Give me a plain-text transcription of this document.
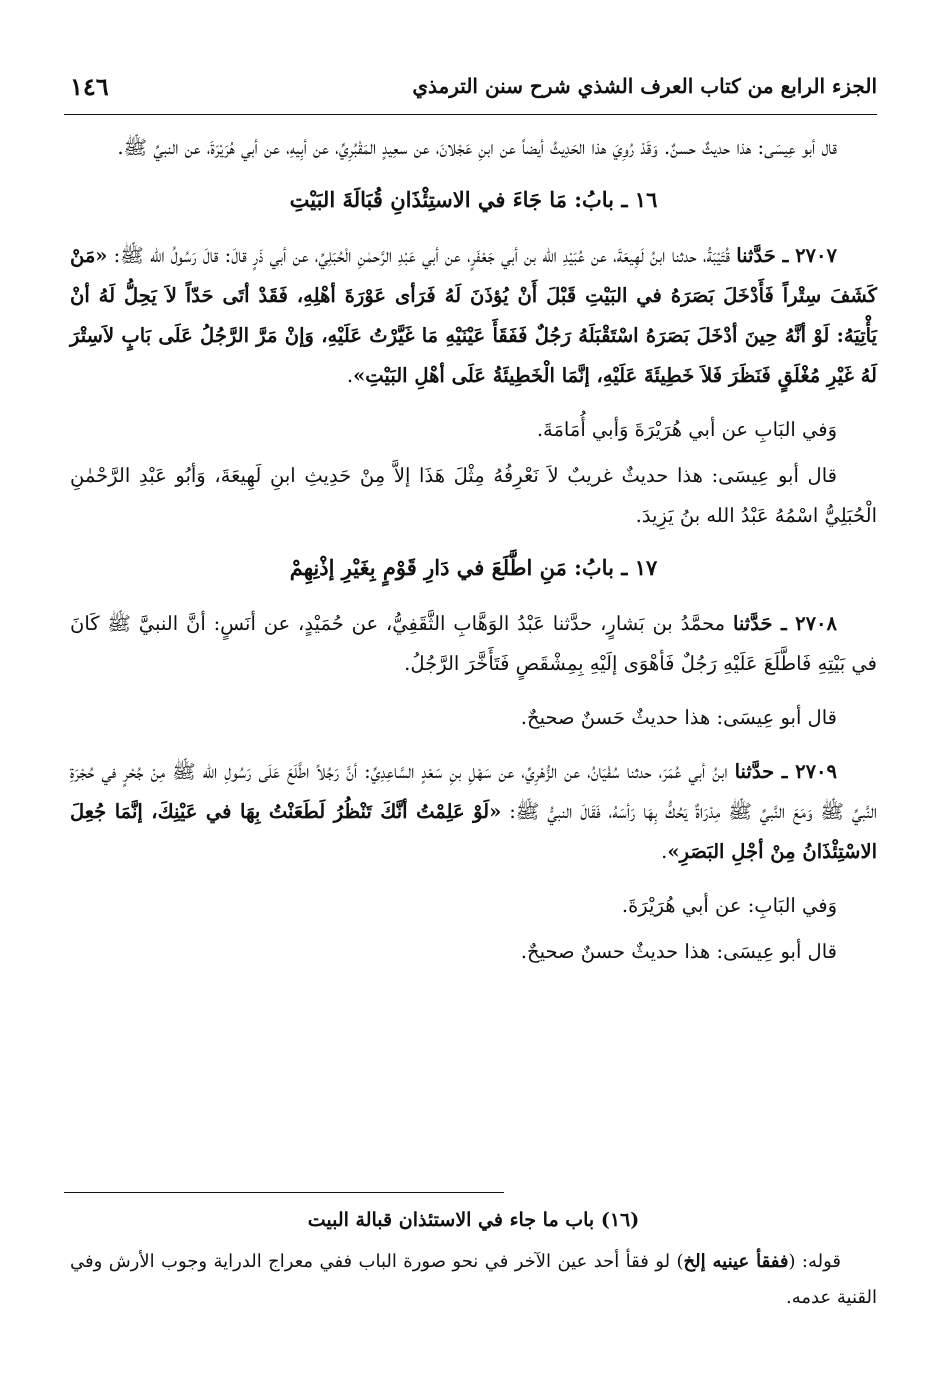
الجزء الرابع من كتاب العرف الشذي شرح سنن الترمذي
١٤٦

قال أبو عِيسَى: هذا حديثٌ حسنٌ. وَقَدْ رُوِيَ هذا الحَدِيثُ أيضاً عن ابنِ عَجْلانَ، عن سعِيدٍ المَقْبُرِيِّ، عن أبِيهِ، عن أبي هُرَيْرَةَ، عن النبيِّ ﷺ.

١٦ ـ بابُ: مَا جَاءَ في الاستِئْذَانِ قُبَالَةَ البَيْتِ

٢٧٠٧ ـ حَدَّثنا قُتَيْبَةُ، حدثنا ابنُ لَهِيعَةَ، عن عُبَيْدِ الله بن أبي جَعْفَرٍ، عن أبي عَبْدِ الرَّحمٰنِ الْحُبَلِيِّ، عن أبي ذَرٍ قالَ: قالَ رَسُولُ الله ﷺ: «مَنْ كَشَفَ سِتْراً فَأَدْخَلَ بَصَرَهُ في البَيْتِ قَبْلَ أَنْ يُؤذَنَ لَهُ فَرَأى عَوْرَةَ أهْلِهِ، فَقَدْ أتَى حَدّاً لاَ يَحِلُّ لَهُ أنْ يَأْتِيَهُ: لَوْ أنَّهُ حِينَ أدْخَلَ بَصَرَهُ اسْتَقْبَلَهُ رَجُلٌ فَفَقَأَ عَيْنَيْهِ مَا غَيَّرْتُ عَلَيْهِ، وَإنْ مَرَّ الرَّجُلُ عَلَى بَابٍ لاَسِتْرَ لَهُ غَيْرِ مُغْلَقٍ فَنَظَرَ فَلاَ خَطِيئَةَ عَلَيْهِ، إنَّمَا الْخَطِيئَةُ عَلَى أهْلِ البَيْتِ».

وَفي البَابِ عن أبي هُرَيْرَةَ وَأبي أُمَامَةَ.

قال أبو عِيسَى: هذا حديثٌ غريبٌ لاَ نَعْرِفُهُ مِثْلَ هَذَا إلاَّ مِنْ حَدِيثِ ابنِ لَهِيعَةَ، وَأبُو عَبْدِ الرَّحْمٰنِ الْحُبَلِيُّ اسْمُهُ عَبْدُ الله بنُ يَزِيدَ.

١٧ ـ بابُ: مَنِ اطَّلَعَ في دَارِ قَوْمٍ بِغَيْرِ إذْنِهِمْ

٢٧٠٨ ـ حَدَّثنا محمَّدُ بن بَشارٍ، حدَّثنا عَبْدُ الوَهَّابِ الثَّقَفِيُّ، عن حُمَيْدٍ، عن أنَسٍ: أنَّ النبيَّ ﷺ كَانَ في بَيْتِهِ فَاطَّلَعَ عَلَيْهِ رَجُلٌ فَأهْوَى إلَيْهِ بِمِشْقَصٍ فَتَأَخَّرَ الرَّجُلُ.

قال أبو عِيسَى: هذا حديثٌ حَسنٌ صحيحٌ.

٢٧٠٩ ـ حدَّثنا ابنُ أبي عُمَرَ، حدثنا سُفْيَانُ، عن الزُّهْرِيِّ، عن سَهْلِ بنِ سَعْدٍ السَّاعِدِيِّ: أنَّ رَجُلاً اطَّلَعَ عَلَى رَسُولِ الله ﷺ مِنْ جُحْرٍ في حُجْرَةِ النَّبيِّ ﷺ وَمَعَ النَّبيِّ ﷺ مِدْرَاةٌ يَحُكُّ بِهَا رَأسَهُ، فَقَالَ النبيُّ ﷺ: «لَوْ عَلِمْتُ أنَّكَ تَنْظُرُ لَطَعَنْتُ بِهَا في عَيْنِكَ، إنَّمَا جُعِلَ الاسْتِئْذَانُ مِنْ أجْلِ البَصَرِ».

وَفي البَابِ: عن أبي هُرَيْرَةَ.

قال أبو عِيسَى: هذا حديثٌ حسنٌ صحيحٌ.

(١٦) باب ما جاء في الاستئذان قبالة البيت

قوله: (ففقأ عينيه إلخ) لو فقأ أحد عين الآخر في نحو صورة الباب ففي معراج الدراية وجوب الأرش وفي القنية عدمه.
